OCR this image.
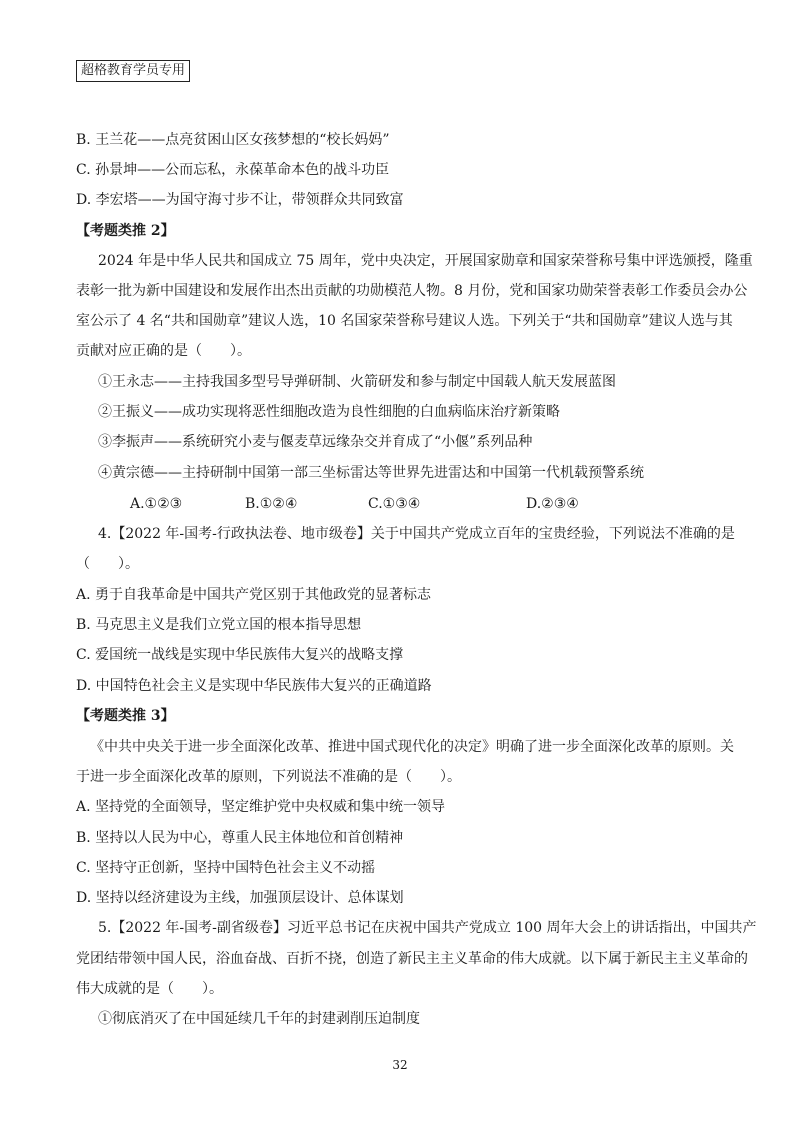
超格教育学员专用
B. 王兰花——点亮贫困山区女孩梦想的“校长妈妈”
C. 孙景坤——公而忘私，永葆革命本色的战斗功臣
D. 李宏塔——为国守海寸步不让，带领群众共同致富
【考题类推 2】
2024 年是中华人民共和国成立 75 周年，党中央决定，开展国家勋章和国家荣誉称号集中评选颁授，隆重
表彰一批为新中国建设和发展作出杰出贡献的功勋模范人物。8 月份，党和国家功勋荣誉表彰工作委员会办公
室公示了 4 名“共和国勋章”建议人选，10 名国家荣誉称号建议人选。下列关于“共和国勋章”建议人选与其
贡献对应正确的是（　　）。
①王永志——主持我国多型号导弹研制、火箭研发和参与制定中国载人航天发展蓝图
②王振义——成功实现将恶性细胞改造为良性细胞的白血病临床治疗新策略
③李振声——系统研究小麦与偃麦草远缘杂交并育成了“小偃”系列品种
④黄宗德——主持研制中国第一部三坐标雷达等世界先进雷达和中国第一代机载预警系统
A.①②③	B.①②④	C.①③④	D.②③④
4.【2022 年-国考-行政执法卷、地市级卷】关于中国共产党成立百年的宝贵经验，下列说法不准确的是
（　　）。
A. 勇于自我革命是中国共产党区别于其他政党的显著标志
B. 马克思主义是我们立党立国的根本指导思想
C. 爱国统一战线是实现中华民族伟大复兴的战略支撑
D. 中国特色社会主义是实现中华民族伟大复兴的正确道路
【考题类推 3】
《中共中央关于进一步全面深化改革、推进中国式现代化的决定》明确了进一步全面深化改革的原则。关
于进一步全面深化改革的原则，下列说法不准确的是（　　）。
A. 坚持党的全面领导，坚定维护党中央权威和集中统一领导
B. 坚持以人民为中心，尊重人民主体地位和首创精神
C. 坚持守正创新，坚持中国特色社会主义不动摇
D. 坚持以经济建设为主线，加强顶层设计、总体谋划
5.【2022 年-国考-副省级卷】习近平总书记在庆祝中国共产党成立 100 周年大会上的讲话指出，中国共产
党团结带领中国人民，浴血奋战、百折不挠，创造了新民主主义革命的伟大成就。以下属于新民主主义革命的
伟大成就的是（　　）。
①彻底消灭了在中国延续几千年的封建剥削压迫制度
32
